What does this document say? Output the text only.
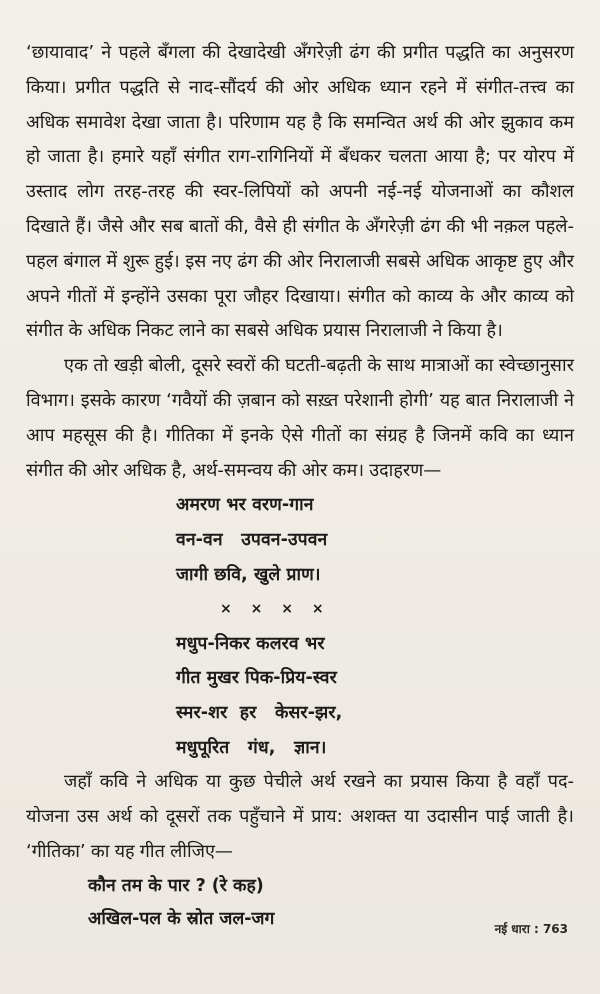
‘छायावाद’ ने पहले बँगला की देखादेखी अँगरेज़ी ढंग की प्रगीत पद्धति का अनुसरण किया। प्रगीत पद्धति से नाद-सौंदर्य की ओर अधिक ध्यान रहने में संगीत-तत्त्व का अधिक समावेश देखा जाता है। परिणाम यह है कि समन्वित अर्थ की ओर झुकाव कम हो जाता है। हमारे यहाँ संगीत राग-रागिनियों में बँधकर चलता आया है; पर योरप में उस्ताद लोग तरह-तरह की स्वर-लिपियों को अपनी नई-नई योजनाओं का कौशल दिखाते हैं। जैसे और सब बातों की, वैसे ही संगीत के अँगरेज़ी ढंग की भी नक़ल पहले-पहल बंगाल में शुरू हुई। इस नए ढंग की ओर निरालाजी सबसे अधिक आकृष्ट हुए और अपने गीतों में इन्होंने उसका पूरा जौहर दिखाया। संगीत को काव्य के और काव्य को संगीत के अधिक निकट लाने का सबसे अधिक प्रयास निरालाजी ने किया है।

एक तो खड़ी बोली, दूसरे स्वरों की घटती-बढ़ती के साथ मात्राओं का स्वेच्छानुसार विभाग। इसके कारण ‘गवैयों की ज़बान को सख़्त परेशानी होगी’ यह बात निरालाजी ने आप महसूस की है। गीतिका में इनके ऐसे गीतों का संग्रह है जिनमें कवि का ध्यान संगीत की ओर अधिक है, अर्थ-समन्वय की ओर कम। उदाहरण—

अमरण भर वरण-गान
वन-वन   उपवन-उपवन
जागी छवि, खुले प्राण।
× × × ×
मधुप-निकर कलरव भर
गीत मुखर पिक-प्रिय-स्वर
स्मर-शर  हर   केसर-झर,
मधुपूरित   गंध,   ज्ञान।

जहाँ कवि ने अधिक या कुछ पेचीले अर्थ रखने का प्रयास किया है वहाँ पद-योजना उस अर्थ को दूसरों तक पहुँचाने में प्राय: अशक्त या उदासीन पाई जाती है। ‘गीतिका’ का यह गीत लीजिए—

कौन तम के पार ? (रे कह)
अखिल-पल के स्रोत जल-जग	नई धारा : 763
